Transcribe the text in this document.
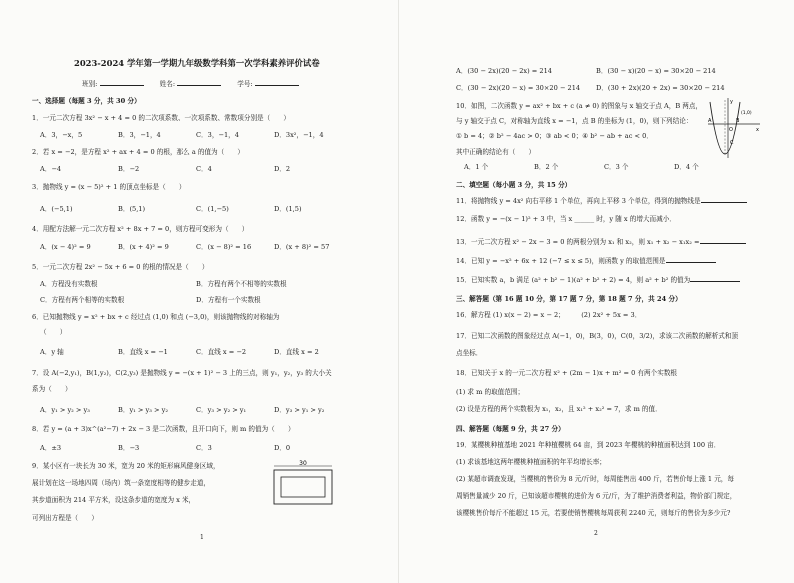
2023-2024 学年第一学期九年级数学科第一次学科素养评价试卷
班别:	姓名:	学号:
一、选择题（每题 3 分，共 30 分）
1．一元二次方程 3x² − x + 4 = 0 的二次项系数、一次项系数、常数项分别是（　　）
A．3，−x，5	B．3，−1，4	C．3，−1，4	D．3x²，−1，4
2．若 x = −2，是方程 x² + ax + 4 = 0 的根，那么 a 的值为（　　）
A．−4	B．−2	C．4	D．2
3．抛物线 y = (x − 5)² + 1 的顶点坐标是（　　）
A．(−5,1)	B．(5,1)	C．(1,−5)	D．(1,5)
4．用配方法解一元二次方程 x² + 8x + 7 = 0，则方程可变形为（　　）
A．(x − 4)² = 9	B．(x + 4)² = 9	C．(x − 8)² = 16	D．(x + 8)² = 57
5．一元二次方程 2x² − 5x + 6 = 0 的根的情况是（　　）
A．方程没有实数根	B．方程有两个不相等的实数根
C．方程有两个相等的实数根	D．方程有一个实数根
6．已知抛物线 y = x² + bx + c 经过点 (1,0) 和点 (−3,0)，则该抛物线的对称轴为
（　　）
A．y 轴	B．直线 x = −1	C．直线 x = −2	D．直线 x = 2
7．设 A(−2,y₁)，B(1,y₂)，C(2,y₃) 是抛物线 y = −(x + 1)² − 3 上的三点，则 y₁，y₂，y₃ 的大小关
系为（　　）
A．y₁ > y₂ > y₃	B．y₁ > y₃ > y₂	C．y₃ > y₂ > y₁	D．y₃ > y₁ > y₂
8．若 y = (a + 3)x^(a²−7) + 2x − 3 是二次函数，且开口向下，则 m 的值为（　　）
A．±3	B．−3	C．3	D．0
9．某小区有一块长为 30 米，宽为 20 米的矩形麻风健身区域，
展计划在这一场地四周（场内）筑一条宽度相等的健步走道，
其步道面积为 214 平方米，设这条步道的宽度为 x 米，
可列出方程是（　　）
30
1
A．(30 − 2x)(20 − 2x) = 214	B．(30 − x)(20 − x) = 30×20 − 214
C．(30 − 2x)(20 − x) = 30×20 − 214 D．(30 + 2x)(20 + 2x) = 30×20 − 214
10．如图，二次函数 y = ax² + bx + c (a ≠ 0) 的图象与 x 轴交于点 A，B 两点，
与 y 轴交于点 C，对称轴为直线 x = −1，点 B 的坐标为 (1，0)，则下列结论：
① b = 4；② b² − 4ac > 0；③ ab < 0；④ b² − ab + ac < 0．
其中正确的结论有（　　）
A．1 个	B．2 个	C．3 个	D．4 个
y
x
O
A	B
C
(1,0)
二、填空题（每小题 3 分，共 15 分）
11．将抛物线 y = 4x² 向右平移 1 个单位，再向上平移 3 个单位，得到的抛物线是
12．函数 y = −(x − 1)² + 3 中，当 x ______ 时，y 随 x 的增大而减小．
13．一元二次方程 x² − 2x − 3 = 0 的两根分别为 x₁ 和 x₂，则 x₁ + x₂ − x₁x₂ =
14．已知 y = −x² + 6x + 12 (−7 ≤ x ≤ 5)，则函数 y 的取值范围是
15．已知实数 a，b 满足 (a² + b² − 1)(a² + b² + 2) = 4，则 a² + b² 的值为
三、解答题（第 16 题 10 分，第 17 题 7 分，第 18 题 7 分，共 24 分）
16．解方程 (1) x(x − 2) = x − 2；　　　(2) 2x² + 5x = 3．
17．已知二次函数的图象经过点 A(−1，0)，B(3，0)，C(0，3/2)，求该二次函数的解析式和顶
点坐标．
18．已知关于 x 的一元二次方程 x² + (2m − 1)x + m² = 0 有两个实数根
(1) 求 m 的取值范围；
(2) 设是方程的两个实数根为 x₁，x₂，且 x₁² + x₂² = 7，求 m 的值．
四、解答题（每题 9 分，共 27 分）
19．某樱桃种植基地 2021 年种植樱桃 64 亩，到 2023 年樱桃的种植面积达到 100 亩．
(1) 求该基地这两年樱桃种植面积的年平均增长率；
(2) 某超市调查发现，当樱桃的售价为 8 元/斤时，每周能售出 400 斤，若售价每上涨 1 元，每
周销售量减少 20 斤，已知该超市樱桃的进价为 6 元/斤，为了维护消费者利益，物价部门规定，
该樱桃售价每斤不能超过 15 元，若要使销售樱桃每周获利 2240 元，则每斤的售价为多少元?
2
